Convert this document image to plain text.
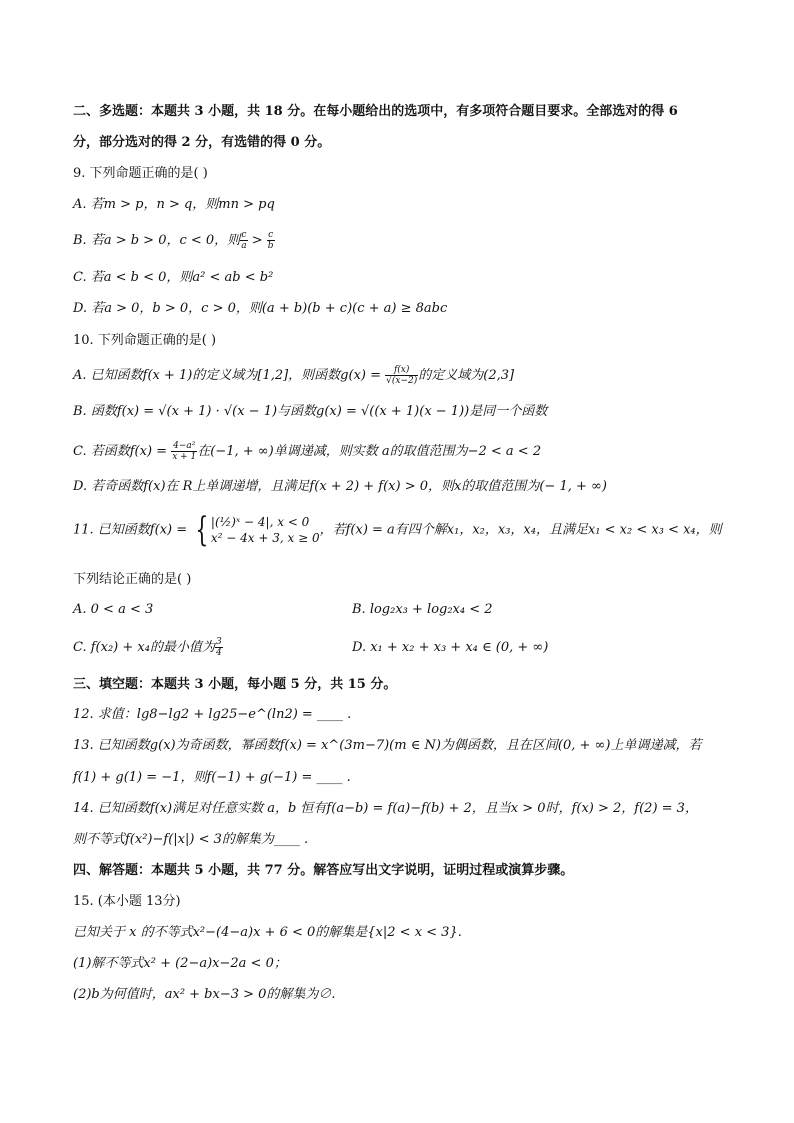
二、多选题：本题共 3 小题，共 18 分。在每小题给出的选项中，有多项符合题目要求。全部选对的得 6
分，部分选对的得 2 分，有选错的得 0 分。
9. 下列命题正确的是( )
A. 若m > p，n > q，则mn > pq
B. 若a > b > 0，c < 0，则 $\frac{c}{a} > \frac{c}{b}$
C. 若a < b < 0，则a² < ab < b²
D. 若a > 0，b > 0，c > 0，则(a + b)(b + c)(c + a) ≥ 8abc
10. 下列命题正确的是( )
A. 已知函数f(x + 1)的定义域为[1,2]，则函数$g(x) = \frac{f(x)}{√(x-2)}$ 的定义域为(2,3]
B. 函数f(x) = √(x + 1) · √(x − 1)与函数g(x) = √((x + 1)(x − 1))是同一个函数
C. 若函数$f(x) = \frac{\text{4−a²}}{x + 1}$ 在(−1, + ∞)单调递减，则实数 a的取值范围为−2 < a < 2
D. 若奇函数f(x)在 R上单调递增，且满足f(x + 2) + f(x) > 0，则x的取值范围为(− 1, + ∞)
11. 已知函数f(x) = { |(½)ˣ − 4|, x < 0
x² − 4x + 3, x ≥ 0
，若f(x) = a有四个解x₁，x₂，x₃，x₄，且满足x₁ < x₂ < x₃ < x₄，则
下列结论正确的是( )
A. 0 < a < 3	B. log₂x₃ + log₂x₄ < 2
C. f(x₂) + x₄的最小值为 $\frac{3}{4}$	D. x₁ + x₂ + x₃ + x₄ ∈ (0, + ∞)
三、填空题：本题共 3 小题，每小题 5 分，共 15 分。
12. 求值：lg8−lg2 + lg25−e^(ln2) = ____ .
13. 已知函数g(x)为奇函数，幂函数f(x) = x^(3m−7)(m ∈ N)为偶函数，且在区间(0, + ∞)上单调递减，若
f(1) + g(1) = −1，则f(−1) + g(−1) = ____ .
14. 已知函数f(x)满足对任意实数 a，b 恒有f(a−b) = f(a)−f(b) + 2，且当x > 0时，f(x) > 2，f(2) = 3，
则不等式f(x²)−f(|x|) < 3的解集为____ .
四、解答题：本题共 5 小题，共 77 分。解答应写出文字说明，证明过程或演算步骤。
15. (本小题 13分)
已知关于 x 的不等式x²−(4−a)x + 6 < 0的解集是{x|2 < x < 3}.
(1)解不等式x² + (2−a)x−2a < 0；
(2)b为何值时，ax² + bx−3 > 0的解集为∅.
